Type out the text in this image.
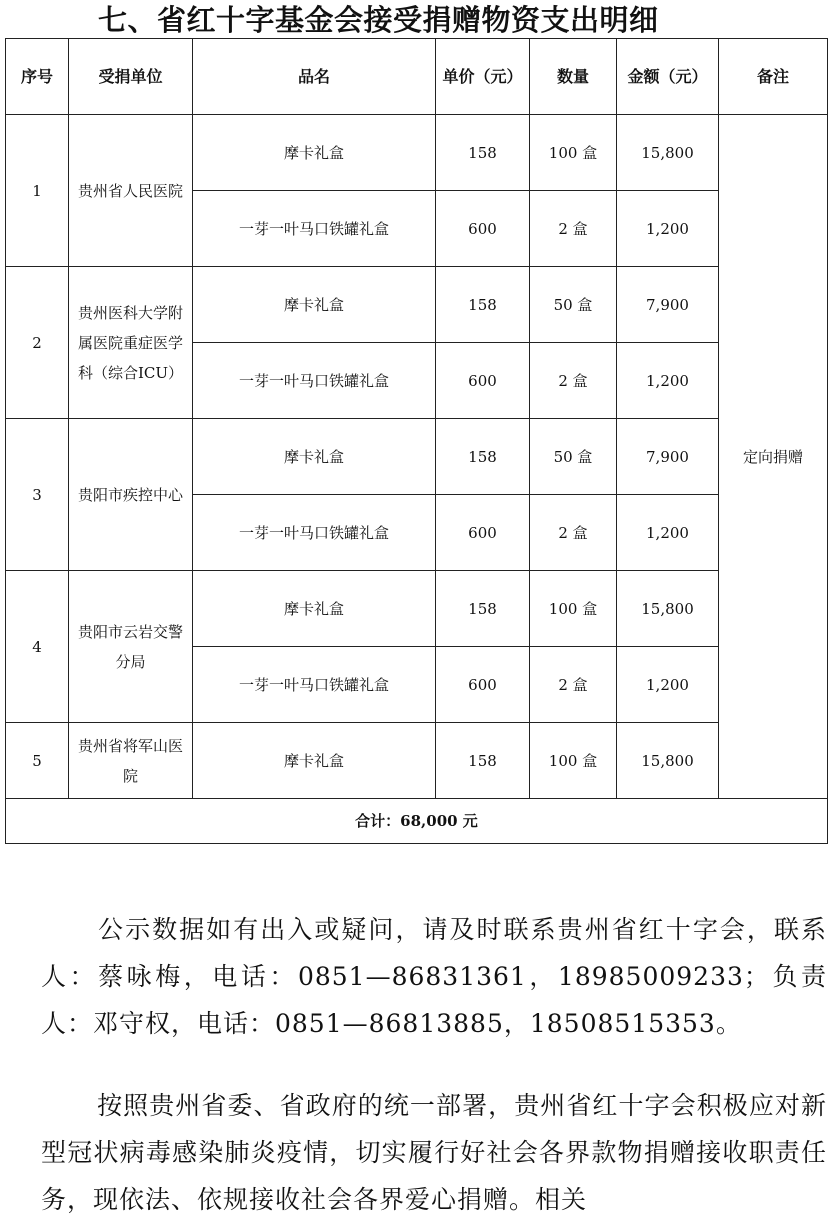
七、省红十字基金会接受捐赠物资支出明细
序号	受捐单位	品名	单价（元）	数量	金额（元）	备注
1	贵州省人民医院	摩卡礼盒	158	100 盒	15,800	定向捐赠
		一芽一叶马口铁罐礼盒	600	2 盒	1,200	
2	贵州医科大学附属医院重症医学科（综合ICU）	摩卡礼盒	158	50 盒	7,900	
		一芽一叶马口铁罐礼盒	600	2 盒	1,200	
3	贵阳市疾控中心	摩卡礼盒	158	50 盒	7,900	
		一芽一叶马口铁罐礼盒	600	2 盒	1,200	
4	贵阳市云岩交警分局	摩卡礼盒	158	100 盒	15,800	
		一芽一叶马口铁罐礼盒	600	2 盒	1,200	
5	贵州省将军山医院	摩卡礼盒	158	100 盒	15,800	
合计：68,000 元						
公示数据如有出入或疑问，请及时联系贵州省红十字会，联系人：蔡咏梅，电话：0851—86831361，18985009233；负责人：邓守权，电话：0851—86813885，18508515353。
按照贵州省委、省政府的统一部署，贵州省红十字会积极应对新型冠状病毒感染肺炎疫情，切实履行好社会各界款物捐赠接收职责任务，现依法、依规接收社会各界爱心捐赠。相关
